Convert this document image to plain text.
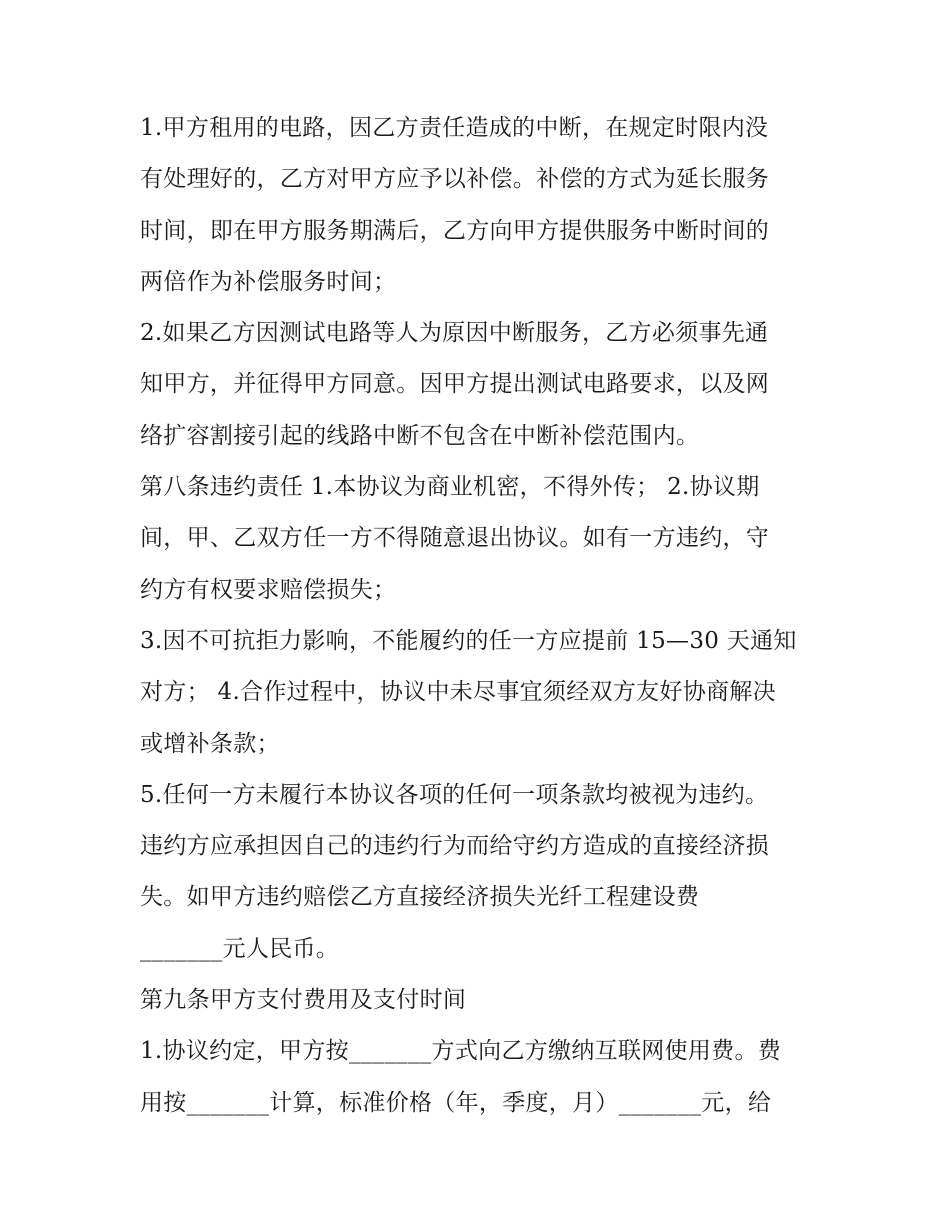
1.甲方租用的电路，因乙方责任造成的中断，在规定时限内没
有处理好的，乙方对甲方应予以补偿。补偿的方式为延长服务
时间，即在甲方服务期满后，乙方向甲方提供服务中断时间的
两倍作为补偿服务时间；
2.如果乙方因测试电路等人为原因中断服务，乙方必须事先通
知甲方，并征得甲方同意。因甲方提出测试电路要求，以及网
络扩容割接引起的线路中断不包含在中断补偿范围内。
第八条违约责任 1.本协议为商业机密，不得外传； 2.协议期
间，甲、乙双方任一方不得随意退出协议。如有一方违约，守
约方有权要求赔偿损失；
3.因不可抗拒力影响，不能履约的任一方应提前 15—30 天通知
对方； 4.合作过程中，协议中未尽事宜须经双方友好协商解决
或增补条款；
5.任何一方未履行本协议各项的任何一项条款均被视为违约。
违约方应承担因自己的违约行为而给守约方造成的直接经济损
失。如甲方违约赔偿乙方直接经济损失光纤工程建设费
_______元人民币。
第九条甲方支付费用及支付时间
1.协议约定，甲方按_______方式向乙方缴纳互联网使用费。费
用按_______计算，标准价格（年，季度，月）_______元，给
